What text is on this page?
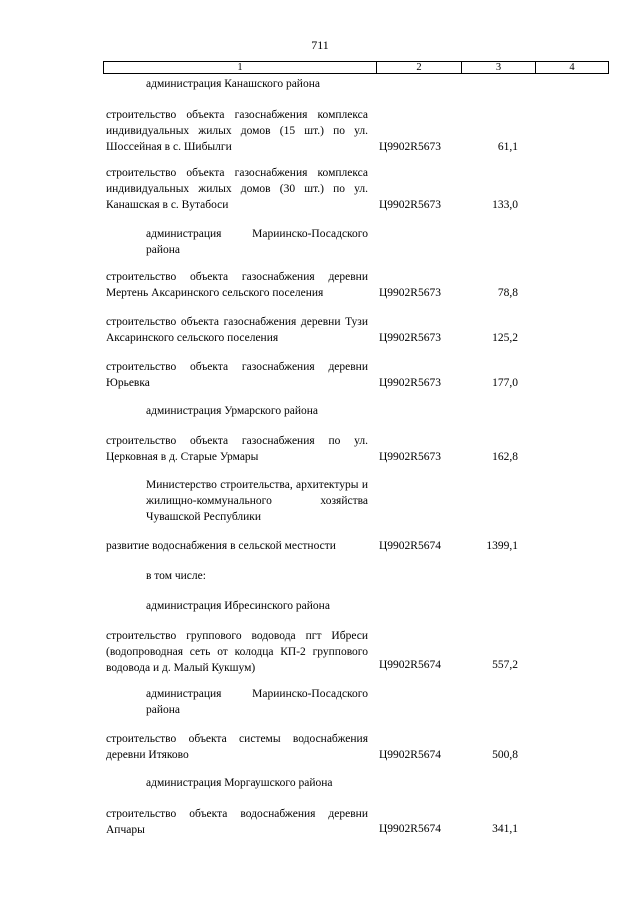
711
1	2	3	4
администрация Канашского района
строительство объекта газоснабжения комплекса индивидуальных жилых домов (15 шт.) по ул. Шоссейная в с. Шибылги	Ц9902R5673	61,1
строительство объекта газоснабжения комплекса индивидуальных жилых домов (30 шт.) по ул. Канашская в с. Вутабоси	Ц9902R5673	133,0
администрация Мариинско-Посадского района
строительство объекта газоснабжения деревни Мертень Аксаринского сельского поселения	Ц9902R5673	78,8
строительство объекта газоснабжения деревни Тузи Аксаринского сельского поселения	Ц9902R5673	125,2
строительство объекта газоснабжения деревни Юрьевка	Ц9902R5673	177,0
администрация Урмарского района
строительство объекта газоснабжения по ул. Церковная в д. Старые Урмары	Ц9902R5673	162,8
Министерство строительства, архитектуры и жилищно-коммунального хозяйства Чувашской Республики
развитие водоснабжения в сельской местности	Ц9902R5674	1399,1
в том числе:
администрация Ибресинского района
строительство группового водовода пгт Ибреси (водопроводная сеть от колодца КП-2 группового водовода и д. Малый Кукшум)	Ц9902R5674	557,2
администрация Мариинско-Посадского района
строительство объекта системы водоснабжения деревни Итяково	Ц9902R5674	500,8
администрация Моргаушского района
строительство объекта водоснабжения деревни Апчары	Ц9902R5674	341,1
